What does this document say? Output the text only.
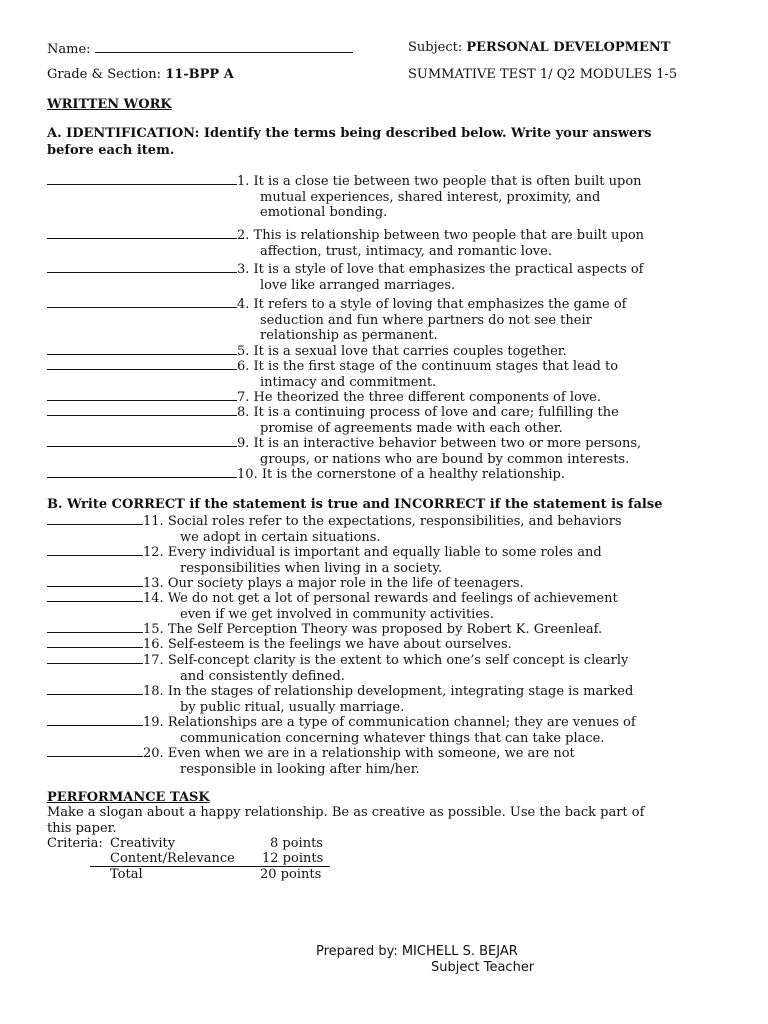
Name:	Subject: PERSONAL DEVELOPMENT
Grade & Section: 11-BPP A	SUMMATIVE TEST 1/ Q2 MODULES 1-5
WRITTEN WORK
A. IDENTIFICATION: Identify the terms being described below. Write your answers
before each item.
1. It is a close tie between two people that is often built upon
mutual experiences, shared interest, proximity, and
emotional bonding.
2. This is relationship between two people that are built upon
affection, trust, intimacy, and romantic love.
3. It is a style of love that emphasizes the practical aspects of
love like arranged marriages.
4. It refers to a style of loving that emphasizes the game of
seduction and fun where partners do not see their
relationship as permanent.
5. It is a sexual love that carries couples together.
6. It is the first stage of the continuum stages that lead to
intimacy and commitment.
7. He theorized the three different components of love.
8. It is a continuing process of love and care; fulfilling the
promise of agreements made with each other.
9. It is an interactive behavior between two or more persons,
groups, or nations who are bound by common interests.
10. It is the cornerstone of a healthy relationship.
B. Write CORRECT if the statement is true and INCORRECT if the statement is false
11. Social roles refer to the expectations, responsibilities, and behaviors
we adopt in certain situations.
12. Every individual is important and equally liable to some roles and
responsibilities when living in a society.
13. Our society plays a major role in the life of teenagers.
14. We do not get a lot of personal rewards and feelings of achievement
even if we get involved in community activities.
15. The Self Perception Theory was proposed by Robert K. Greenleaf.
16. Self-esteem is the feelings we have about ourselves.
17. Self-concept clarity is the extent to which one’s self concept is clearly
and consistently defined.
18. In the stages of relationship development, integrating stage is marked
by public ritual, usually marriage.
19. Relationships are a type of communication channel; they are venues of
communication concerning whatever things that can take place.
20. Even when we are in a relationship with someone, we are not
responsible in looking after him/her.
PERFORMANCE TASK
Make a slogan about a happy relationship. Be as creative as possible. Use the back part of
this paper.
Criteria: Creativity	8 points
Content/Relevance 12 points
Total	20 points
Prepared by: MICHELL S. BEJAR
Subject Teacher
